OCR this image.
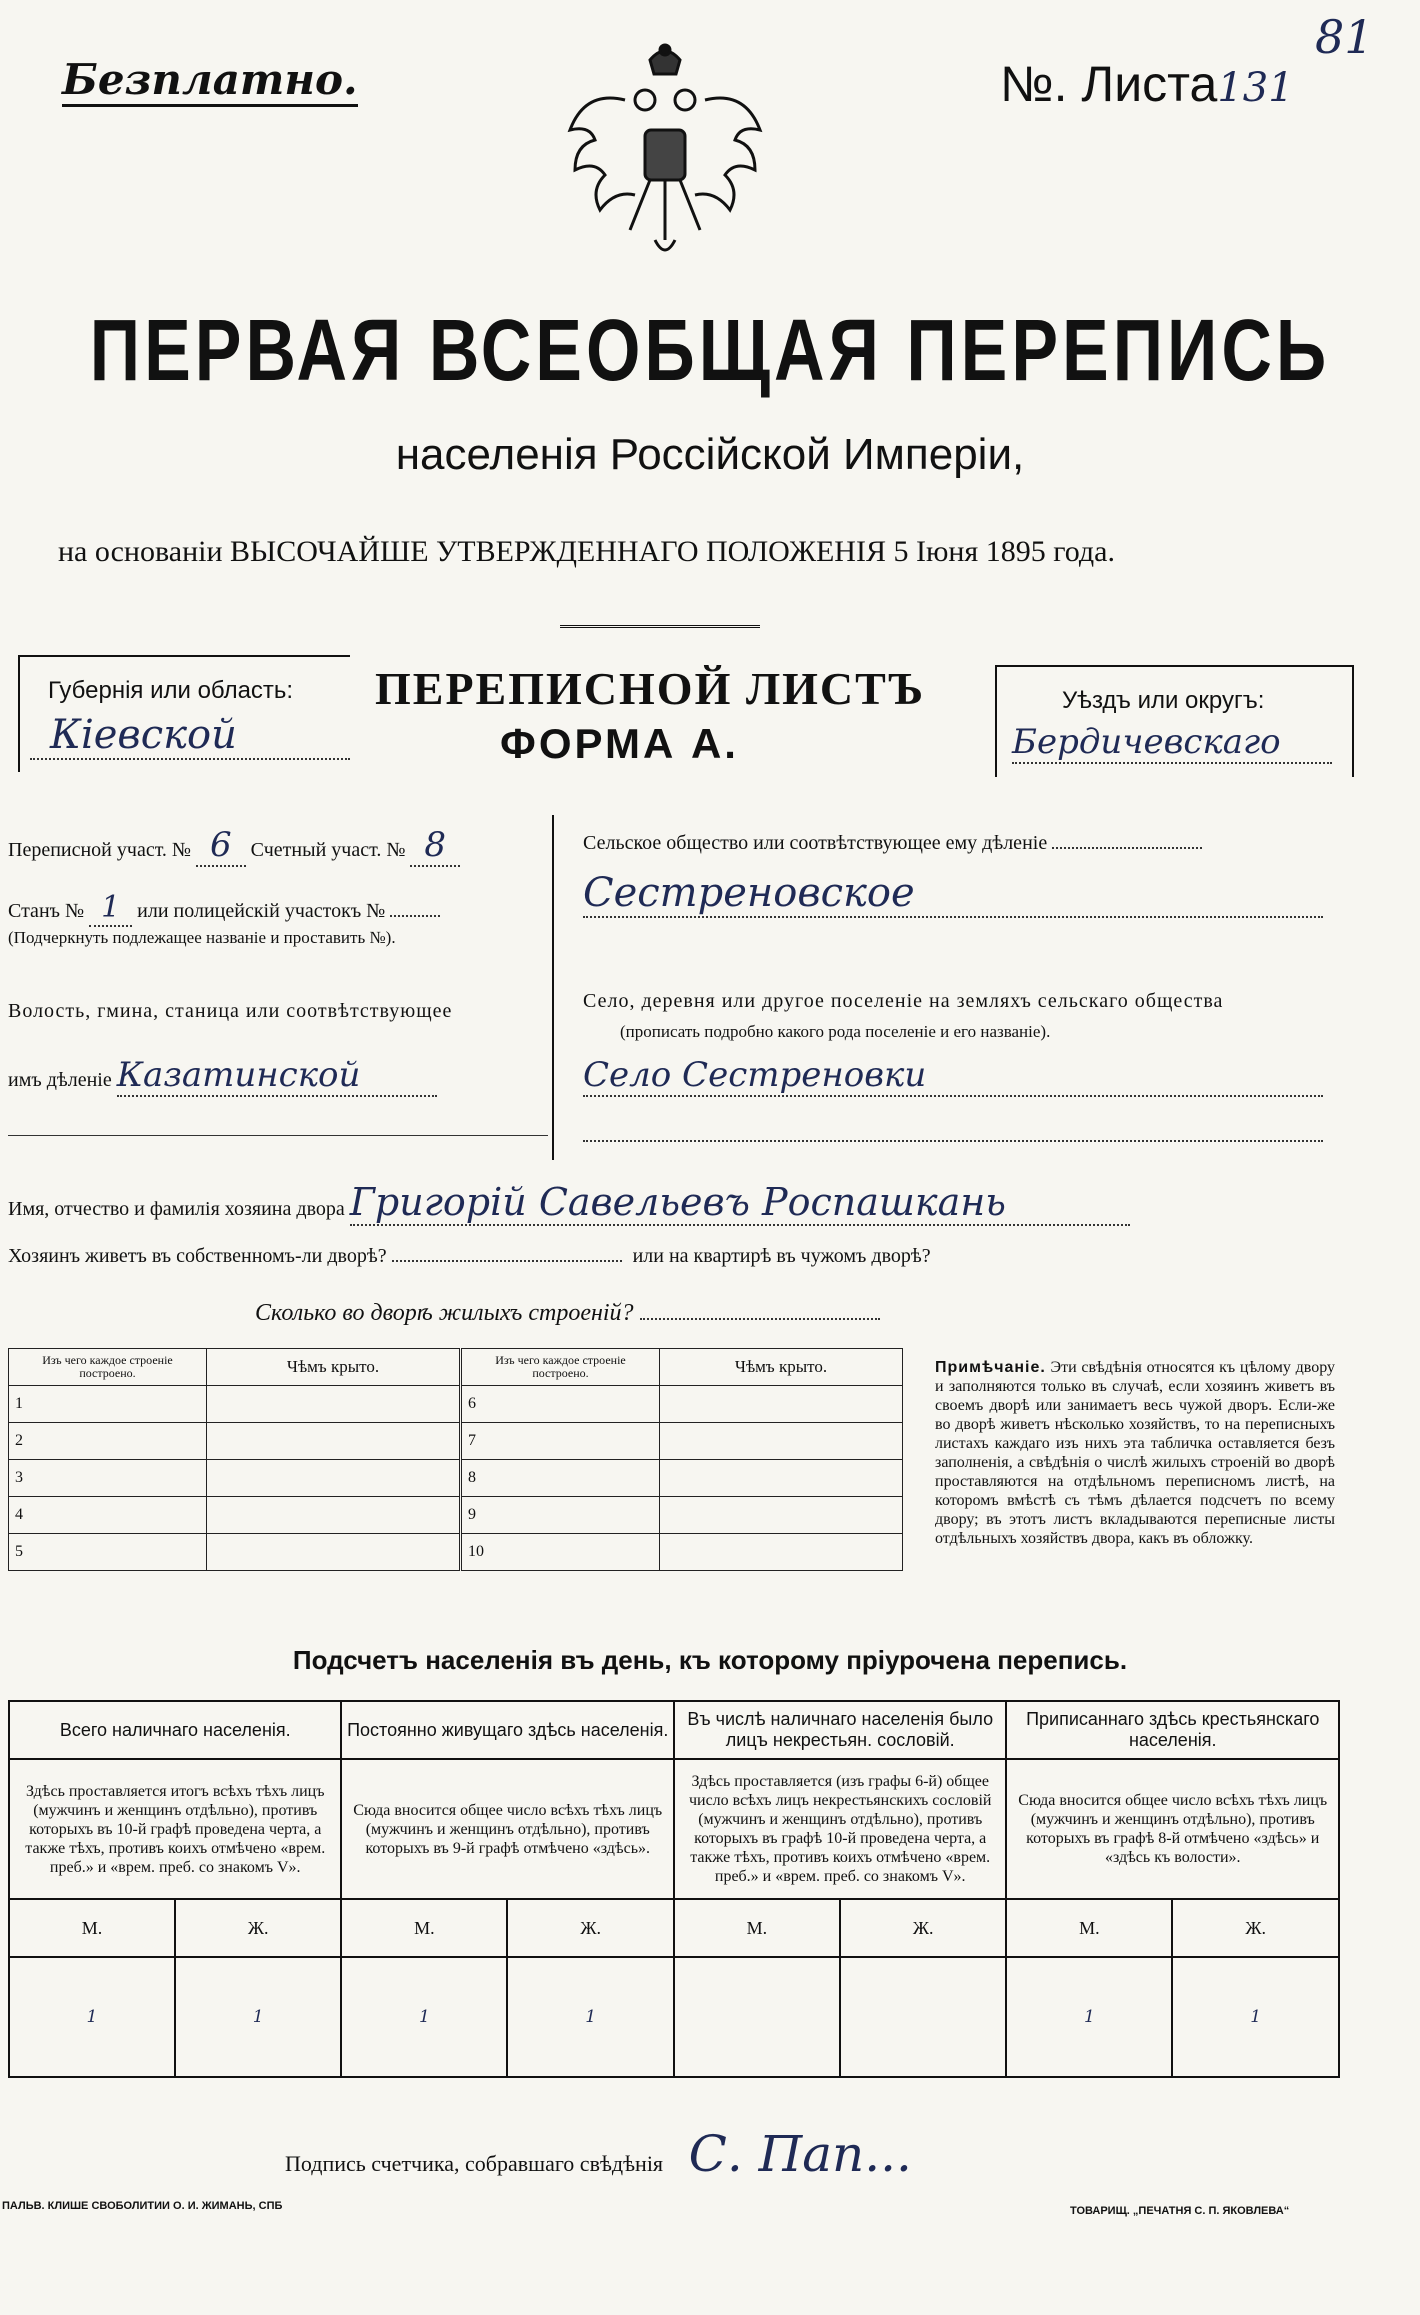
Безплатно.	№. Листа131
81
ПЕРВАЯ ВСЕОБЩАЯ ПЕРЕПИСЬ
населенія Россійской Имперіи,
на основаніи ВЫСОЧАЙШЕ УТВЕРЖДЕННАГО ПОЛОЖЕНІЯ 5 Іюня 1895 года.
Губернія или область:
Кіевской
ПЕРЕПИСНОЙ ЛИСТЪ
ФОРМА А.
Уѣздъ или округъ:
Бердичевскаго
Переписной участ. № 6 Счетный участ. № 8
Станъ № 1 или полицейскій участокъ №
(Подчеркнуть подлежащее названіе и проставить №).
Волость, гмина, станица или соотвѣтствующее
имъ дѣленіе Казатинской
Сельское общество или соотвѣтствующее ему дѣленіе
Сестреновское
Село, деревня или другое поселеніе на земляхъ сельскаго общества
(прописать подробно какого рода поселеніе и его названіе).
Село Сестреновки
Имя, отчество и фамилія хозяина двора Григорій Савельевъ Роспашкань
Хозяинъ живетъ въ собственномъ-ли дворѣ?	или на квартирѣ въ чужомъ дворѣ?
Сколько во дворѣ жилыхъ строеній?
Изъ чего каждое строеніе построено.	Чѣмъ крыто.	Изъ чего каждое строеніе построено.	Чѣмъ крыто.
1		6	
2		7	
3		8	
4		9	
5		10	
Примѣчаніе. Эти свѣдѣнія относятся къ цѣлому двору и заполняются только въ случаѣ, если хозяинъ живетъ въ своемъ дворѣ или занимаетъ весь чужой дворъ. Если-же во дворѣ живетъ нѣсколько хозяйствъ, то на переписныхъ листахъ каждаго изъ нихъ эта табличка оставляется безъ заполненія, а свѣдѣнія о числѣ жилыхъ строеній во дворѣ проставляются на отдѣльномъ переписномъ листѣ, на которомъ вмѣстѣ съ тѣмъ дѣлается подсчетъ по всему двору; въ этотъ листъ вкладываются переписные листы отдѣльныхъ хозяйствъ двора, какъ въ обложку.
Подсчетъ населенія въ день, къ которому пріурочена перепись.
Всего наличнаго населенія.		Постоянно живущаго здѣсь населенія.		Въ числѣ наличнаго населенія было лицъ некрестьян. сословій.		Приписаннаго здѣсь крестьянскаго населенія.	
Здѣсь проставляется итогъ всѣхъ тѣхъ лицъ (мужчинъ и женщинъ отдѣльно), противъ которыхъ въ 10-й графѣ проведена черта, а также тѣхъ, противъ коихъ отмѣчено «врем. преб.» и «врем. преб. со знакомъ V».		Сюда вносится общее число всѣхъ тѣхъ лицъ (мужчинъ и женщинъ отдѣльно), противъ которыхъ въ 9-й графѣ отмѣчено «здѣсь».		Здѣсь проставляется (изъ графы 6-й) общее число всѣхъ лицъ некрестьянскихъ сословій (мужчинъ и женщинъ отдѣльно), противъ которыхъ въ графѣ 10-й проведена черта, а также тѣхъ, противъ коихъ отмѣчено «врем. преб.» и «врем. преб. со знакомъ V».		Сюда вносится общее число всѣхъ тѣхъ лицъ (мужчинъ и женщинъ отдѣльно), противъ которыхъ въ графѣ 8-й отмѣчено «здѣсь» и «здѣсь къ волости».	
М.	Ж.	М.	Ж.	М.	Ж.	М.	Ж.
1	1	1	1			1	1
Подпись счетчика, собравшаго свѣдѣнія С. Пап...
ПАЛЬВ. КЛИШЕ СВОБОЛИТИИ О. И. ЖИМАНЬ, СПБ	ТОВАРИЩ. „ПЕЧАТНЯ С. П. ЯКОВЛЕВА“
